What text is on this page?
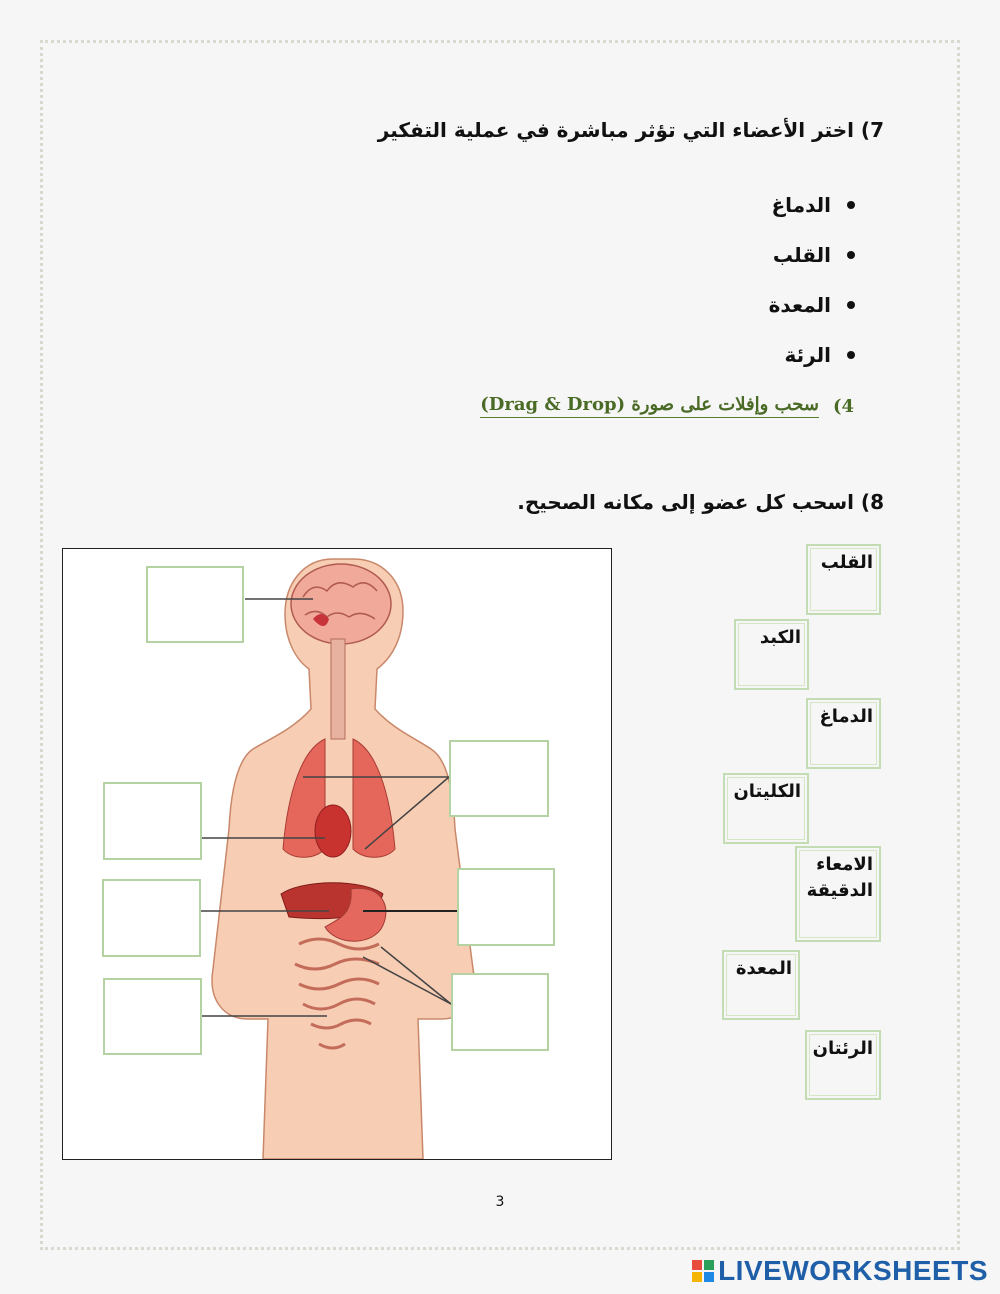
7) اختر الأعضاء التي تؤثر مباشرة في عملية التفكير
الدماغ
القلب
المعدة
الرئة
4)
سحب وإفلات على صورة (Drag & Drop)
8) اسحب كل عضو إلى مكانه الصحيح.
القلب
الكبد
الدماغ
الكليتان
الامعاء الدقيقة
المعدة
الرئتان
3
LIVEWORKSHEETS
